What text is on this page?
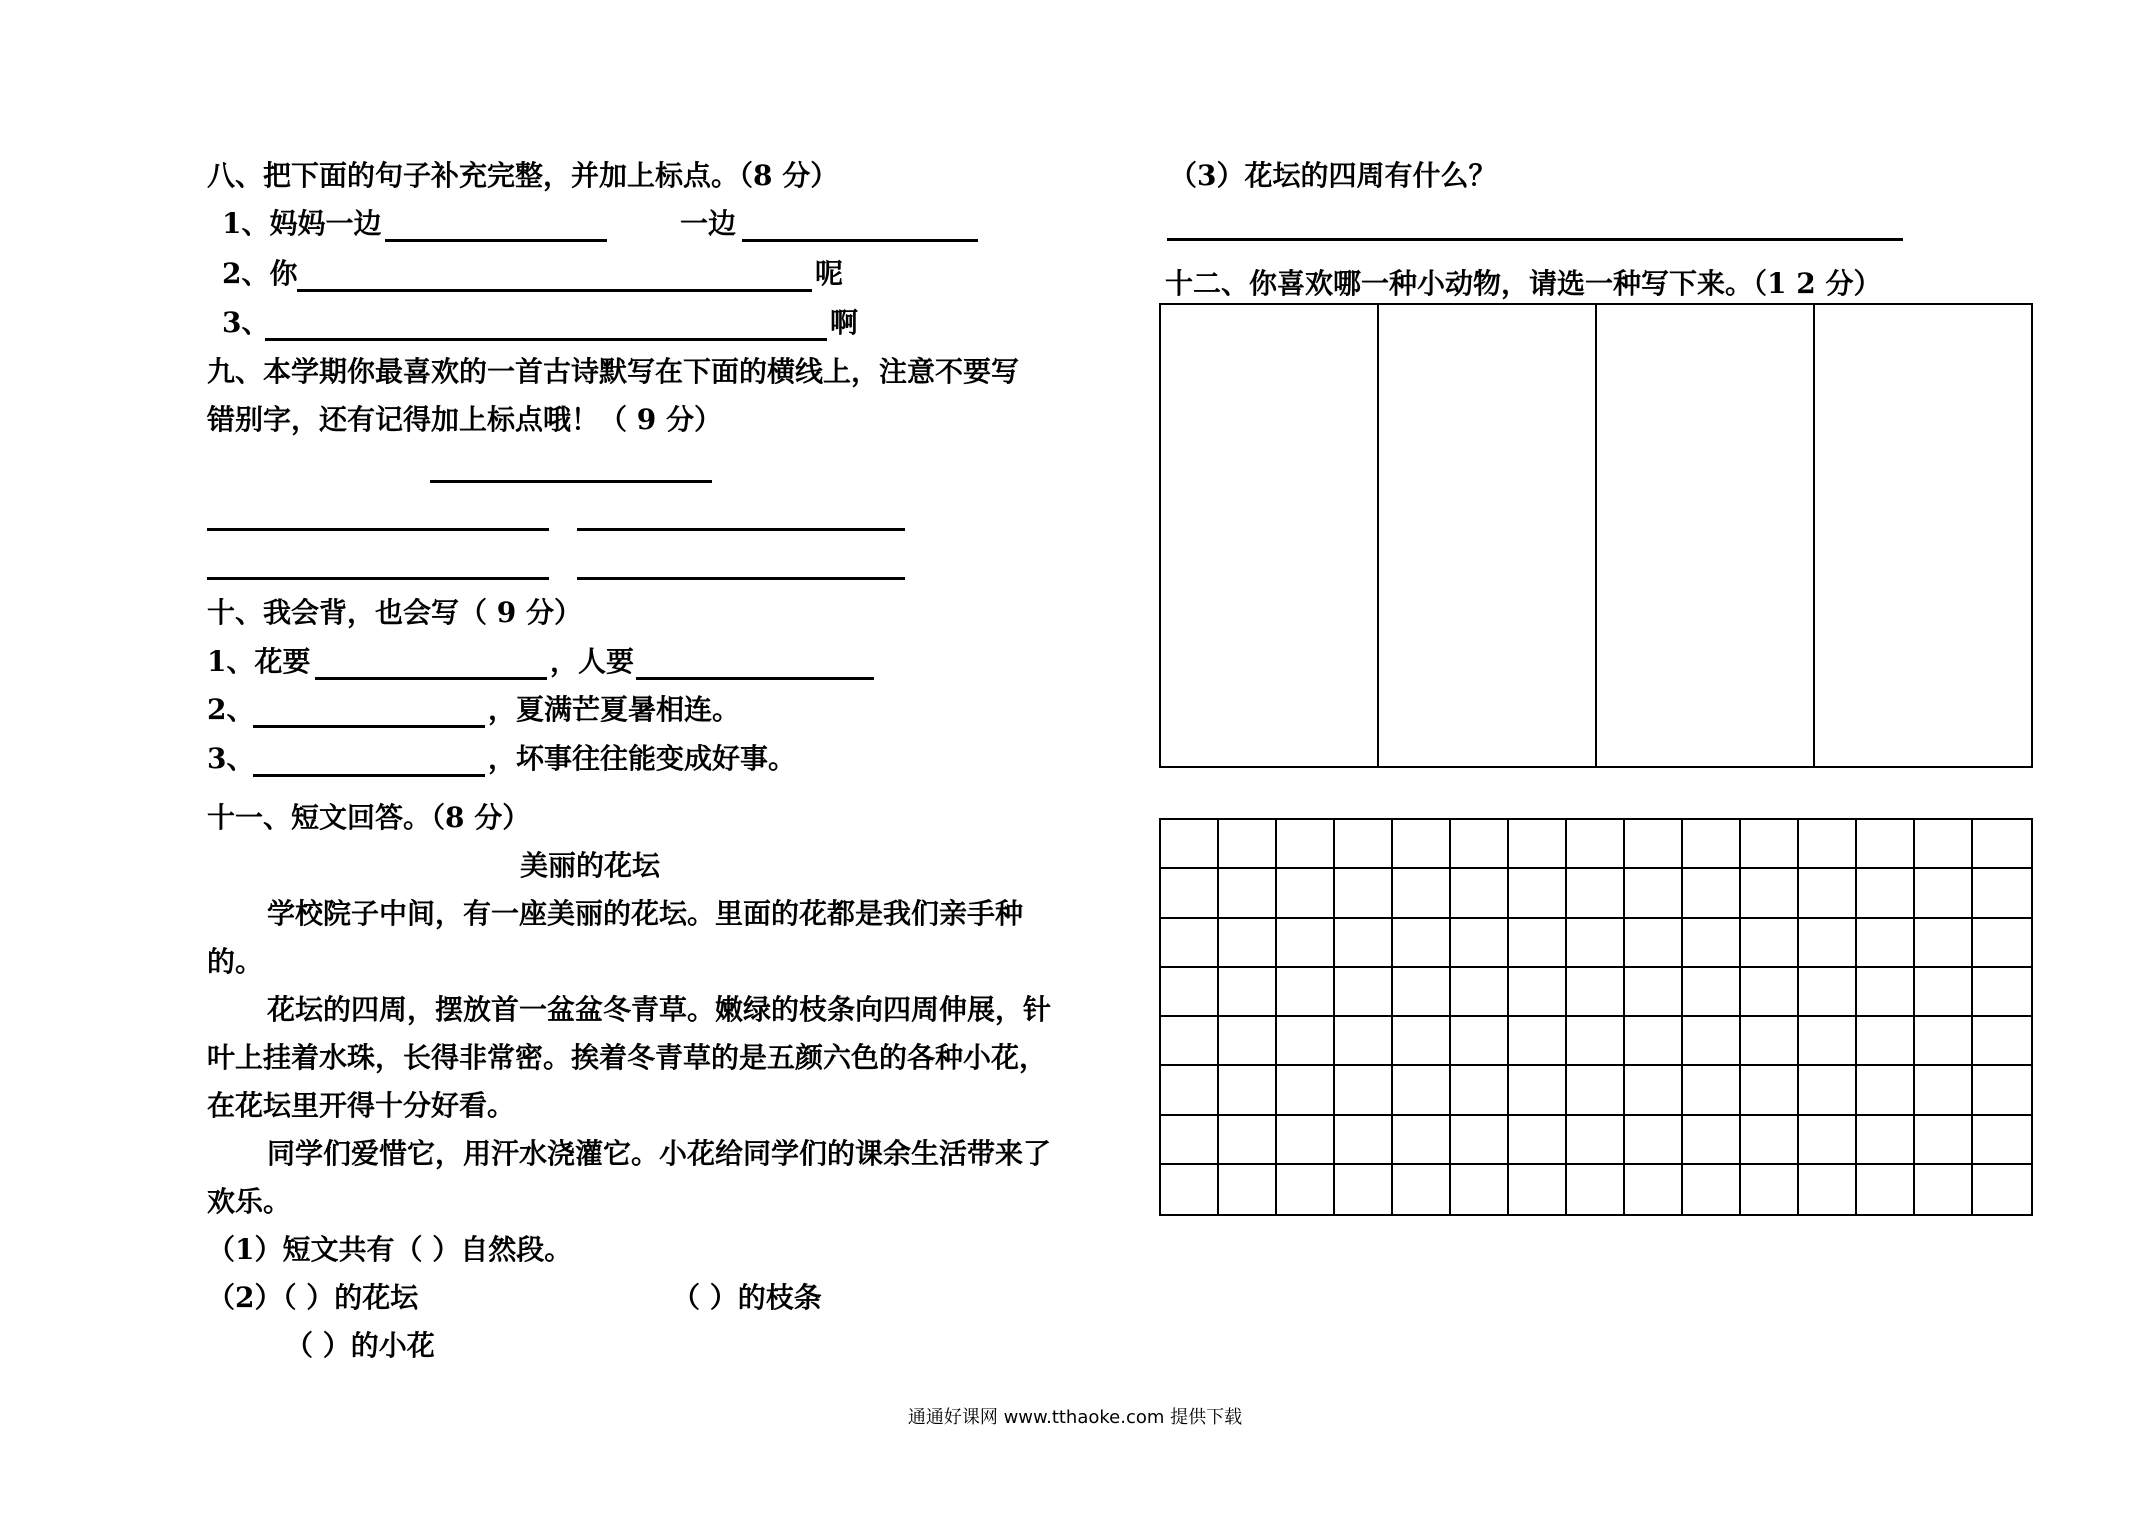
八、把下面的句子补充完整，并加上标点。（8 分）
1、妈妈一边	一边
2、你	呢
3、	啊
九、本学期你最喜欢的一首古诗默写在下面的横线上，注意不要写
错别字，还有记得加上标点哦！（ 9 分）
十、我会背，也会写（ 9 分）
1、花要	，人要
2、	，夏满芒夏暑相连。
3、	，坏事往往能变成好事。
十一、短文回答。（8 分）
美丽的花坛
学校院子中间，有一座美丽的花坛。里面的花都是我们亲手种的。
花坛的四周，摆放首一盆盆冬青草。嫩绿的枝条向四周伸展，针叶上挂着水珠，长得非常密。挨着冬青草的是五颜六色的各种小花，在花坛里开得十分好看。
同学们爱惜它，用汗水浇灌它。小花给同学们的课余生活带来了欢乐。
（1）短文共有（ ）自然段。
（2）（ ）的花坛	（ ）的枝条
（ ）的小花
（3）花坛的四周有什么？
十二、你喜欢哪一种小动物，请选一种写下来。（1 2 分）
通通好课网 www.tthaoke.com 提供下载
